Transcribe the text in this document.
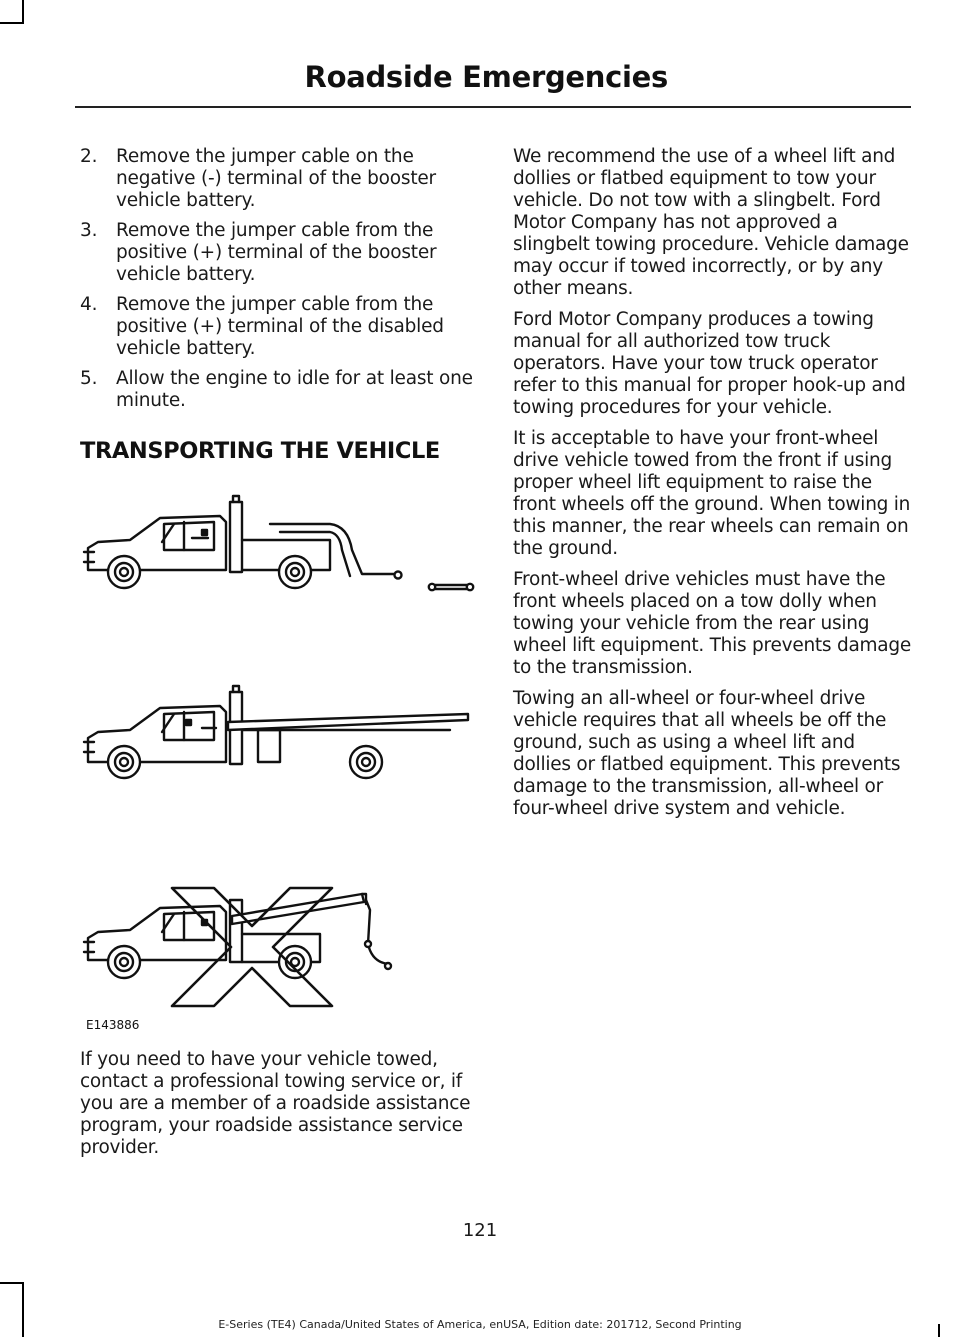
Roadside Emergencies
2.	Remove the jumper cable on the negative (-) terminal of the booster vehicle battery.
3.	Remove the jumper cable from the positive (+) terminal of the booster vehicle battery.
4.	Remove the jumper cable from the positive (+) terminal of the disabled vehicle battery.
5.	Allow the engine to idle for at least one minute.
TRANSPORTING THE VEHICLE
E143886

If you need to have your vehicle towed, contact a professional towing service or, if you are a member of a roadside assistance program, your roadside assistance service provider.

We recommend the use of a wheel lift and dollies or flatbed equipment to tow your vehicle. Do not tow with a slingbelt. Ford Motor Company has not approved a slingbelt towing procedure. Vehicle damage may occur if towed incorrectly, or by any other means.

Ford Motor Company produces a towing manual for all authorized tow truck operators. Have your tow truck operator refer to this manual for proper hook-up and towing procedures for your vehicle.

It is acceptable to have your front-wheel drive vehicle towed from the front if using proper wheel lift equipment to raise the front wheels off the ground. When towing in this manner, the rear wheels can remain on the ground.

Front-wheel drive vehicles must have the front wheels placed on a tow dolly when towing your vehicle from the rear using wheel lift equipment. This prevents damage to the transmission.

Towing an all-wheel or four-wheel drive vehicle requires that all wheels be off the ground, such as using a wheel lift and dollies or flatbed equipment. This prevents damage to the transmission, all-wheel or four-wheel drive system and vehicle.

121
E-Series (TE4) Canada/United States of America, enUSA, Edition date: 201712, Second Printing
